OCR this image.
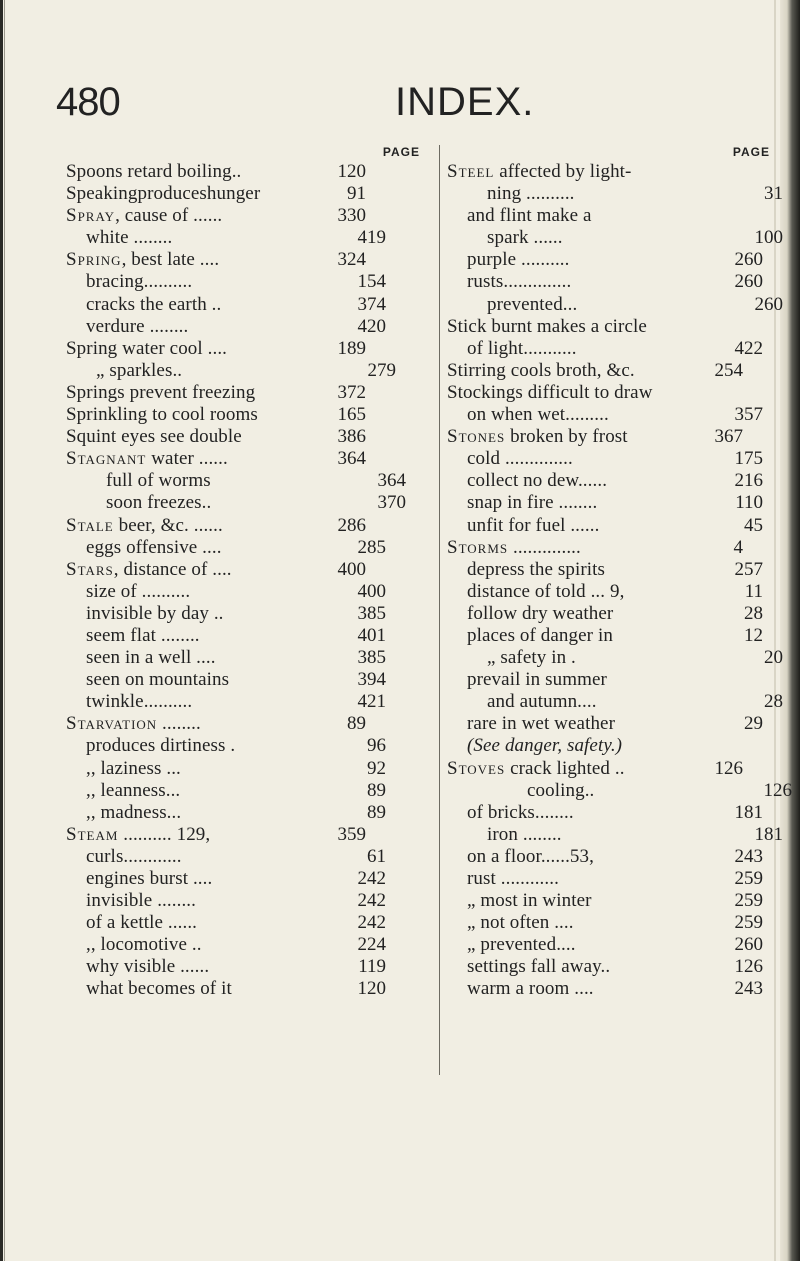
480	INDEX.
PAGE
Spoons retard boiling..	120
Speakingproduceshunger	91
Spray, cause of ......	330
white ........	419
Spring, best late ....	324
bracing..........	154
cracks the earth ..	374
verdure ........	420
Spring water cool ....	189
„ sparkles..	279
Springs prevent freezing	372
Sprinkling to cool rooms	165
Squint eyes see double	386
Stagnant water ......	364
full of worms	364
soon freezes..	370
Stale beer, &c. ......	286
eggs offensive ....	285
Stars, distance of ....	400
size of ..........	400
invisible by day ..	385
seem flat ........	401
seen in a well ....	385
seen on mountains	394
twinkle..........	421
Starvation ........	89
produces dirtiness .	96
,, laziness ...	92
,, leanness...	89
,, madness...	89
Steam .......... 129,	359
curls............	61
engines burst ....	242
invisible ........	242
of a kettle ......	242
,, locomotive ..	224
why visible ......	119
what becomes of it	120
PAGE
Steel affected by light-
ning ..........	31
and flint make a
spark ......	100
purple ..........	260
rusts..............	260
prevented...	260
Stick burnt makes a circle
of light...........	422
Stirring cools broth, &c.	254
Stockings difficult to draw
on when wet.........	357
Stones broken by frost	367
cold ..............	175
collect no dew......	216
snap in fire ........	110
unfit for fuel ......	45
Storms ..............	4
depress the spirits	257
distance of told ... 9,	11
follow dry weather	28
places of danger in	12
„ safety in .	20
prevail in summer
and autumn....	28
rare in wet weather	29
(See danger, safety.)
Stoves crack lighted ..	126
cooling..	126
of bricks........	181
iron ........	181
on a floor......53,	243
rust ............	259
„ most in winter	259
„ not often ....	259
„ prevented....	260
settings fall away..	126
warm a room ....	243
